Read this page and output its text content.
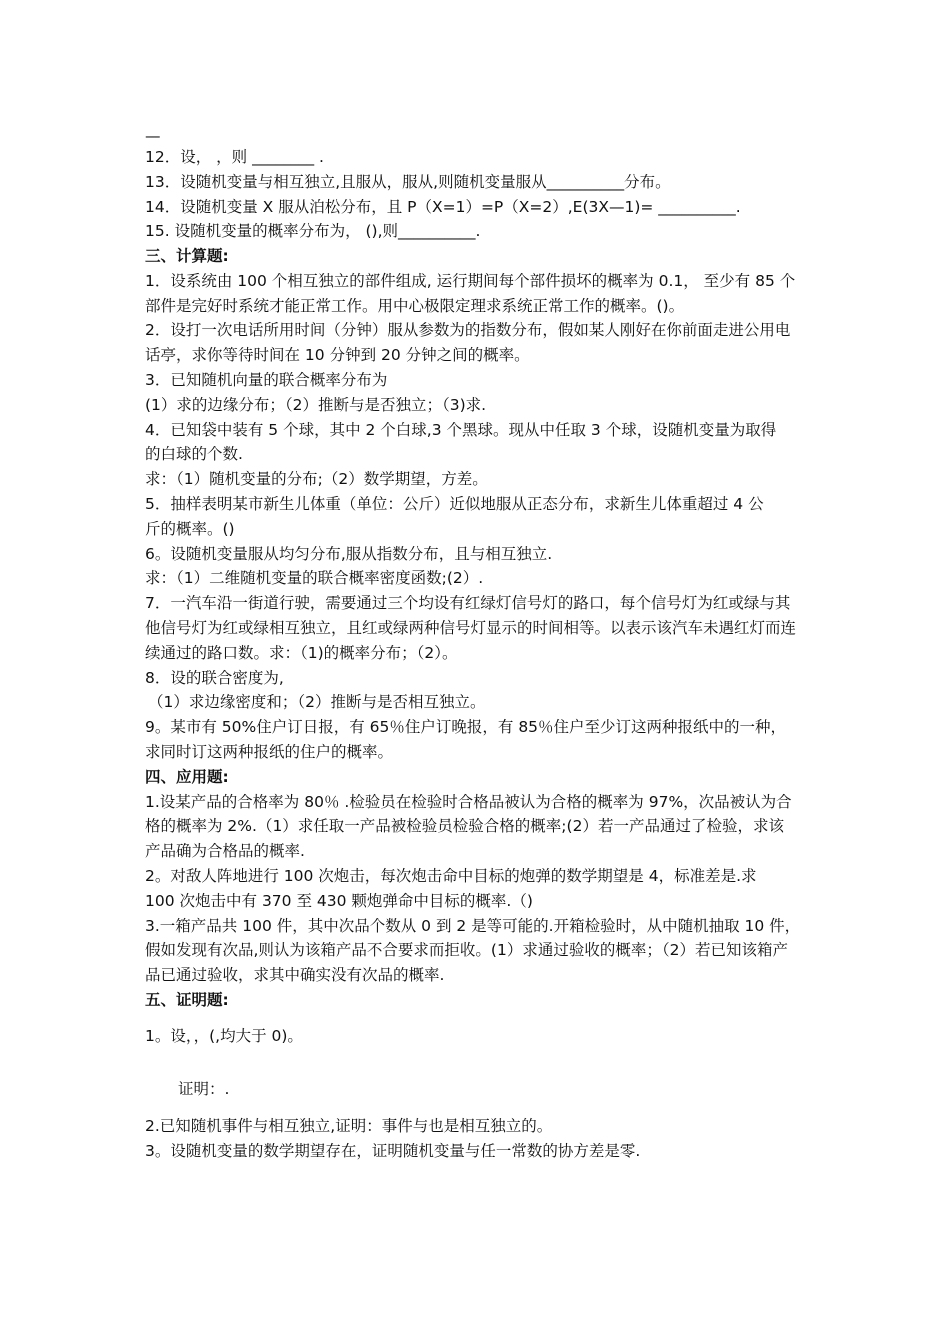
—
12．设， ，则 ________ .
13．设随机变量与相互独立,且服从，服从,则随机变量服从__________分布。
14．设随机变量 X 服从泊松分布，且 P（X=1）=P（X=2）,E(3X—1)= __________.
15. 设随机变量的概率分布为， (),则__________.
三、计算题:
1．设系统由 100 个相互独立的部件组成, 运行期间每个部件损坏的概率为 0.1， 至少有 85 个
部件是完好时系统才能正常工作。用中心极限定理求系统正常工作的概率。()。
2．设打一次电话所用时间（分钟）服从参数为的指数分布，假如某人刚好在你前面走进公用电
话亭，求你等待时间在 10 分钟到 20 分钟之间的概率。
3．已知随机向量的联合概率分布为
(1）求的边缘分布；（2）推断与是否独立；（3)求.
4．已知袋中装有 5 个球，其中 2 个白球,3 个黑球。现从中任取 3 个球，设随机变量为取得
的白球的个数.
求：（1）随机变量的分布;（2）数学期望，方差。
5．抽样表明某市新生儿体重（单位：公斤）近似地服从正态分布，求新生儿体重超过 4 公
斤的概率。()
6。设随机变量服从均匀分布,服从指数分布，且与相互独立.
求：（1）二维随机变量的联合概率密度函数;(2）.
7．一汽车沿一街道行驶，需要通过三个均设有红绿灯信号灯的路口，每个信号灯为红或绿与其
他信号灯为红或绿相互独立，且红或绿两种信号灯显示的时间相等。以表示该汽车未遇红灯而连
续通过的路口数。求：（1)的概率分布；（2）。
8．设的联合密度为,
（1）求边缘密度和；（2）推断与是否相互独立。
9。某市有 50%住户订日报，有 65％住户订晚报，有 85％住户至少订这两种报纸中的一种，
求同时订这两种报纸的住户的概率。
四、应用题:
1.设某产品的合格率为 80％ .检验员在检验时合格品被认为合格的概率为 97%，次品被认为合
格的概率为 2%.（1）求任取一产品被检验员检验合格的概率;(2）若一产品通过了检验，求该
产品确为合格品的概率.
2。对敌人阵地进行 100 次炮击，每次炮击命中目标的炮弹的数学期望是 4，标准差是.求
100 次炮击中有 370 至 430 颗炮弹命中目标的概率.（)
3.一箱产品共 100 件，其中次品个数从 0 到 2 是等可能的.开箱检验时，从中随机抽取 10 件，
假如发现有次品,则认为该箱产品不合要求而拒收。(1）求通过验收的概率；（2）若已知该箱产
品已通过验收，求其中确实没有次品的概率.
五、证明题:
1。设，，(,均大于 0)。
证明：.
2.已知随机事件与相互独立,证明：事件与也是相互独立的。
3。设随机变量的数学期望存在，证明随机变量与任一常数的协方差是零.
